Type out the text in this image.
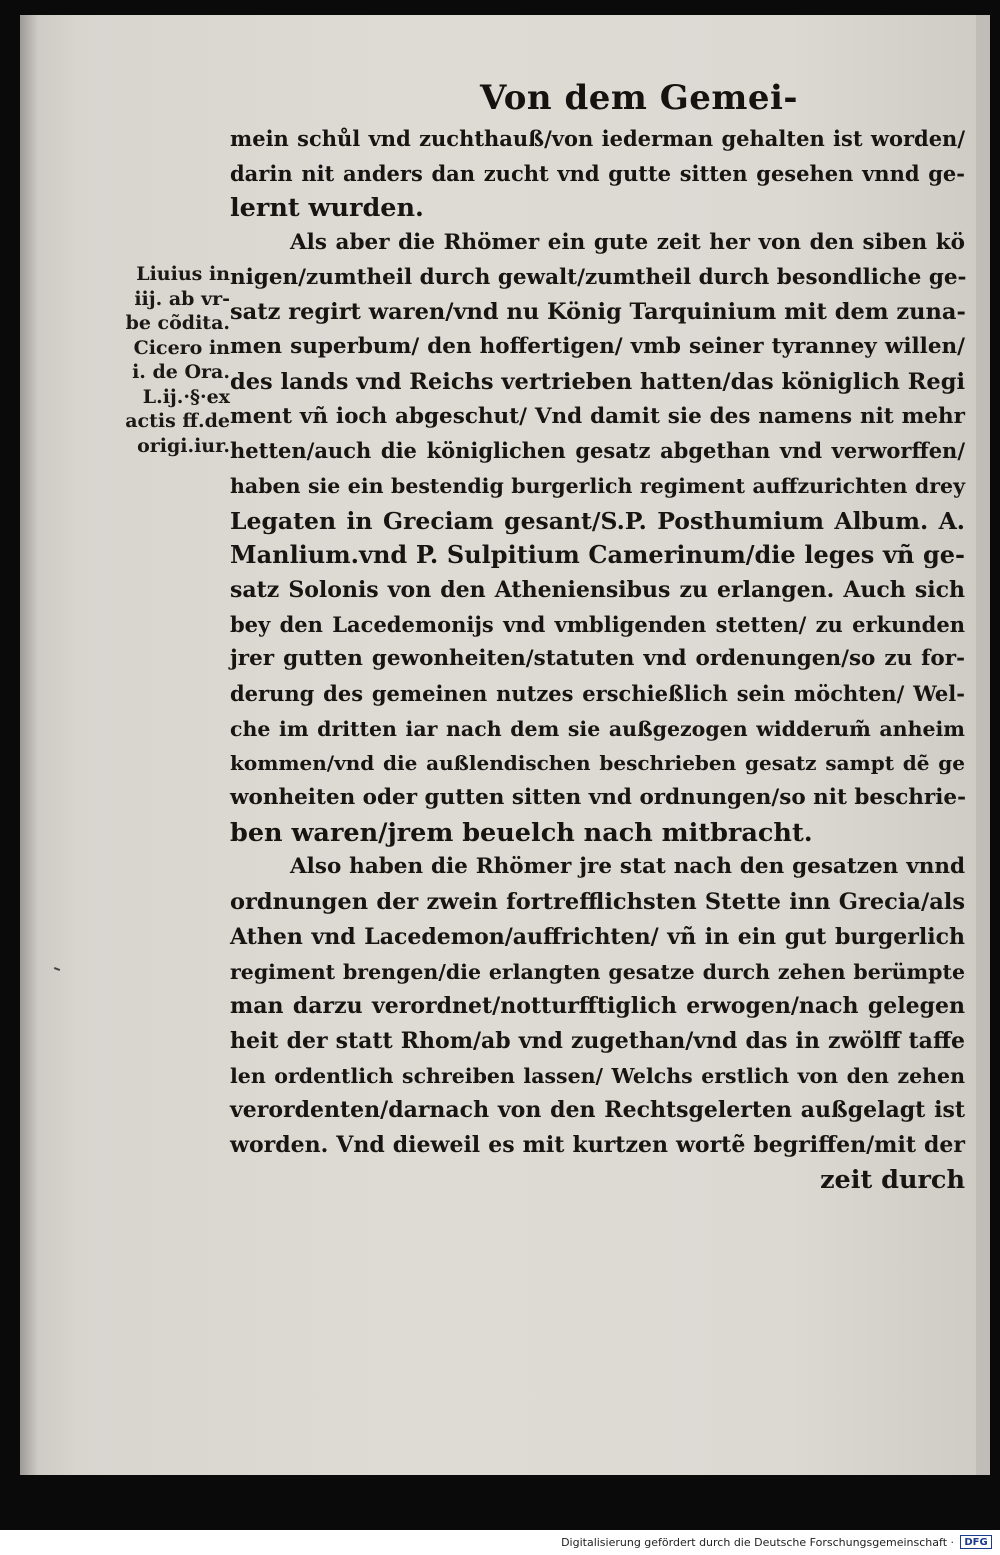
Von dem Gemei-
Liuius in
iij. ab vr-
be cõdita.
Cicero in
i. de Ora.
L.ij.·§·ex
actis ff.de
origi.iur.
mein schůl vnd zuchthauß/von iederman gehalten ist worden/
darin nit anders dan zucht vnd gutte sitten gesehen vnnd ge-
lernt wurden.
Als aber die Rhömer ein gute zeit her von den siben kö
nigen/zumtheil durch gewalt/zumtheil durch besondliche ge-
satz regirt waren/vnd nu König Tarquinium mit dem zuna-
men superbum/ den hoffertigen/ vmb seiner tyranney willen/
des lands vnd Reichs vertrieben hatten/das königlich Regi
ment vñ ioch abgeschut/ Vnd damit sie des namens nit mehr
hetten/auch die königlichen gesatz abgethan vnd verworffen/
haben sie ein bestendig burgerlich regiment auffzurichten drey
Legaten in Greciam gesant/S.P. Posthumium Album. A.
Manlium.vnd P. Sulpitium Camerinum/die leges vñ ge-
satz Solonis von den Atheniensibus zu erlangen. Auch sich
bey den Lacedemonijs vnd vmbligenden stetten/ zu erkunden
jrer gutten gewonheiten/statuten vnd ordenungen/so zu for-
derung des gemeinen nutzes erschießlich sein möchten/ Wel-
che im dritten iar nach dem sie außgezogen widderum̃ anheim
kommen/vnd die außlendischen beschrieben gesatz sampt dẽ ge
wonheiten oder gutten sitten vnd ordnungen/so nit beschrie-
ben waren/jrem beuelch nach mitbracht.
Also haben die Rhömer jre stat nach den gesatzen vnnd
ordnungen der zwein fortrefflichsten Stette inn Grecia/als
Athen vnd Lacedemon/auffrichten/ vñ in ein gut burgerlich
regiment brengen/die erlangten gesatze durch zehen berümpte
man darzu verordnet/notturfftiglich erwogen/nach gelegen
heit der statt Rhom/ab vnd zugethan/vnd das in zwölff taffe
len ordentlich schreiben lassen/ Welchs erstlich von den zehen
verordenten/darnach von den Rechtsgelerten außgelagt ist
worden. Vnd dieweil es mit kurtzen wortẽ begriffen/mit der
zeit durch
Digitalisierung gefördert durch die Deutsche Forschungsgemeinschaft ·	DFG
